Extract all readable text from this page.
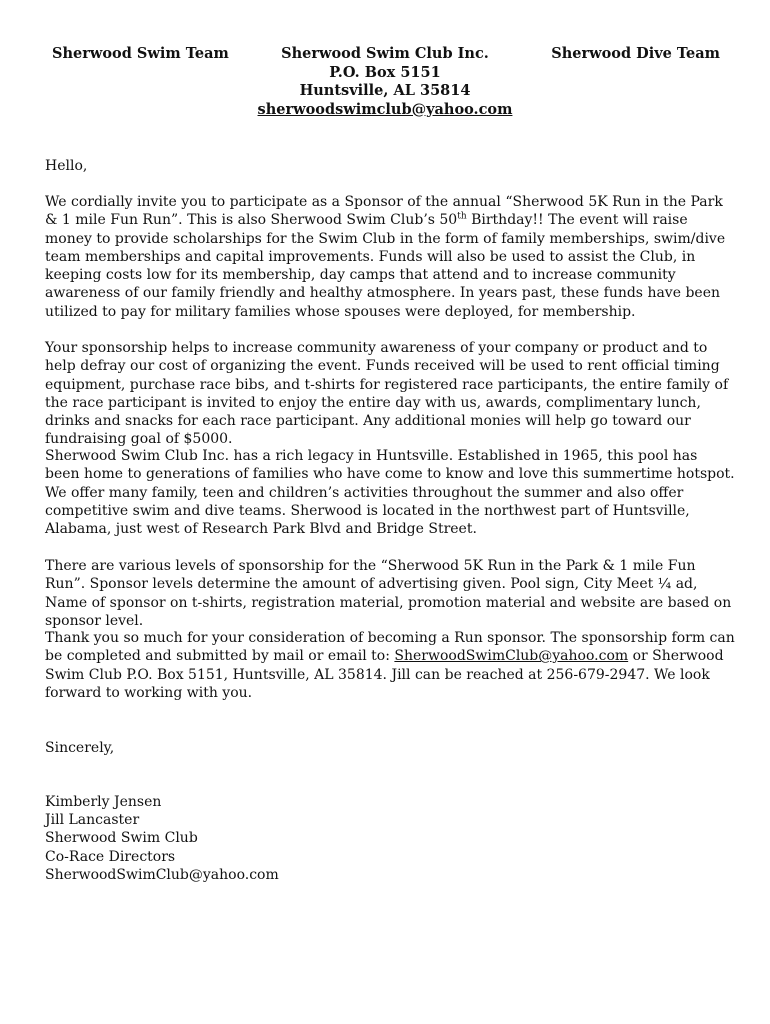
Sherwood Swim Team	Sherwood Swim Club Inc.
P.O. Box 5151
Huntsville, AL 35814
sherwoodswimclub@yahoo.com
Sherwood Dive Team

Hello,

We cordially invite you to participate as a Sponsor of the annual “Sherwood 5K Run in the Park & 1 mile Fun Run”. This is also Sherwood Swim Club’s 50th Birthday!! The event will raise money to provide scholarships for the Swim Club in the form of family memberships, swim/dive team memberships and capital improvements. Funds will also be used to assist the Club, in keeping costs low for its membership, day camps that attend and to increase community awareness of our family friendly and healthy atmosphere. In years past, these funds have been utilized to pay for military families whose spouses were deployed, for membership.

Your sponsorship helps to increase community awareness of your company or product and to help defray our cost of organizing the event. Funds received will be used to rent official timing equipment, purchase race bibs, and t-shirts for registered race participants, the entire family of the race participant is invited to enjoy the entire day with us, awards, complimentary lunch, drinks and snacks for each race participant. Any additional monies will help go toward our fundraising goal of $5000.

Sherwood Swim Club Inc. has a rich legacy in Huntsville. Established in 1965, this pool has been home to generations of families who have come to know and love this summertime hotspot. We offer many family, teen and children’s activities throughout the summer and also offer competitive swim and dive teams. Sherwood is located in the northwest part of Huntsville, Alabama, just west of Research Park Blvd and Bridge Street.

There are various levels of sponsorship for the “Sherwood 5K Run in the Park & 1 mile Fun Run”. Sponsor levels determine the amount of advertising given. Pool sign, City Meet ¼ ad, Name of sponsor on t-shirts, registration material, promotion material and website are based on sponsor level.

Thank you so much for your consideration of becoming a Run sponsor. The sponsorship form can be completed and submitted by mail or email to: SherwoodSwimClub@yahoo.com or Sherwood Swim Club P.O. Box 5151, Huntsville, AL 35814. Jill can be reached at 256-679-2947. We look forward to working with you.

Sincerely,

Kimberly Jensen
Jill Lancaster
Sherwood Swim Club
Co-Race Directors
SherwoodSwimClub@yahoo.com
